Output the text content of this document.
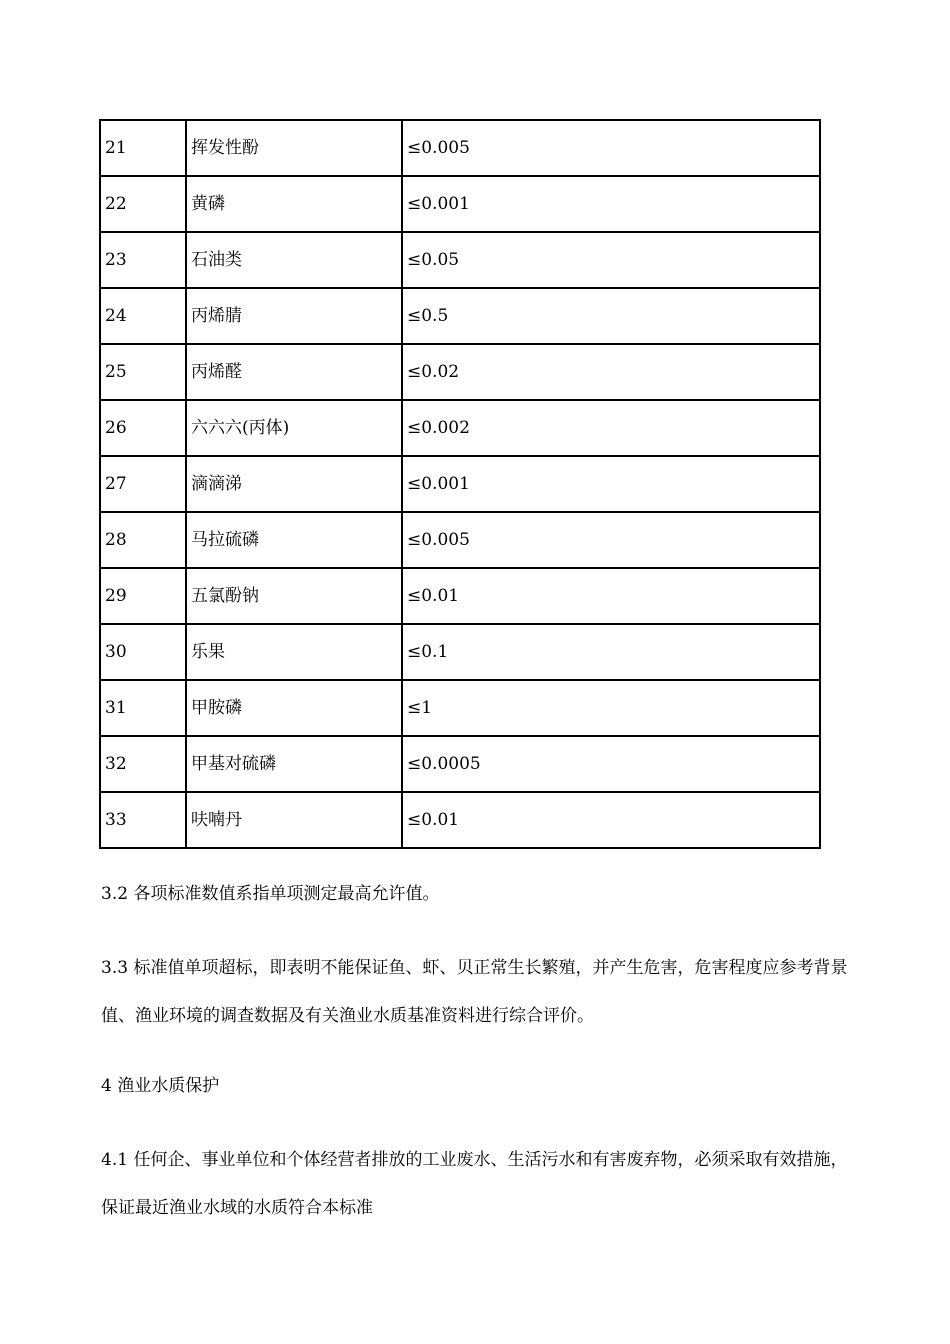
21	挥发性酚	≤0.005
22	黄磷	≤0.001
23	石油类	≤0.05
24	丙烯腈	≤0.5
25	丙烯醛	≤0.02
26	六六六(丙体)	≤0.002
27	滴滴涕	≤0.001
28	马拉硫磷	≤0.005
29	五氯酚钠	≤0.01
30	乐果	≤0.1
31	甲胺磷	≤1
32	甲基对硫磷	≤0.0005
33	呋喃丹	≤0.01
3.2 各项标准数值系指单项测定最高允许值。
3.3 标准值单项超标，即表明不能保证鱼、虾、贝正常生长繁殖，并产生危害，危害程度应参考背景值、渔业环境的调查数据及有关渔业水质基准资料进行综合评价。
4 渔业水质保护
4.1 任何企、事业单位和个体经营者排放的工业废水、生活污水和有害废弃物，必须采取有效措施，保证最近渔业水域的水质符合本标准
